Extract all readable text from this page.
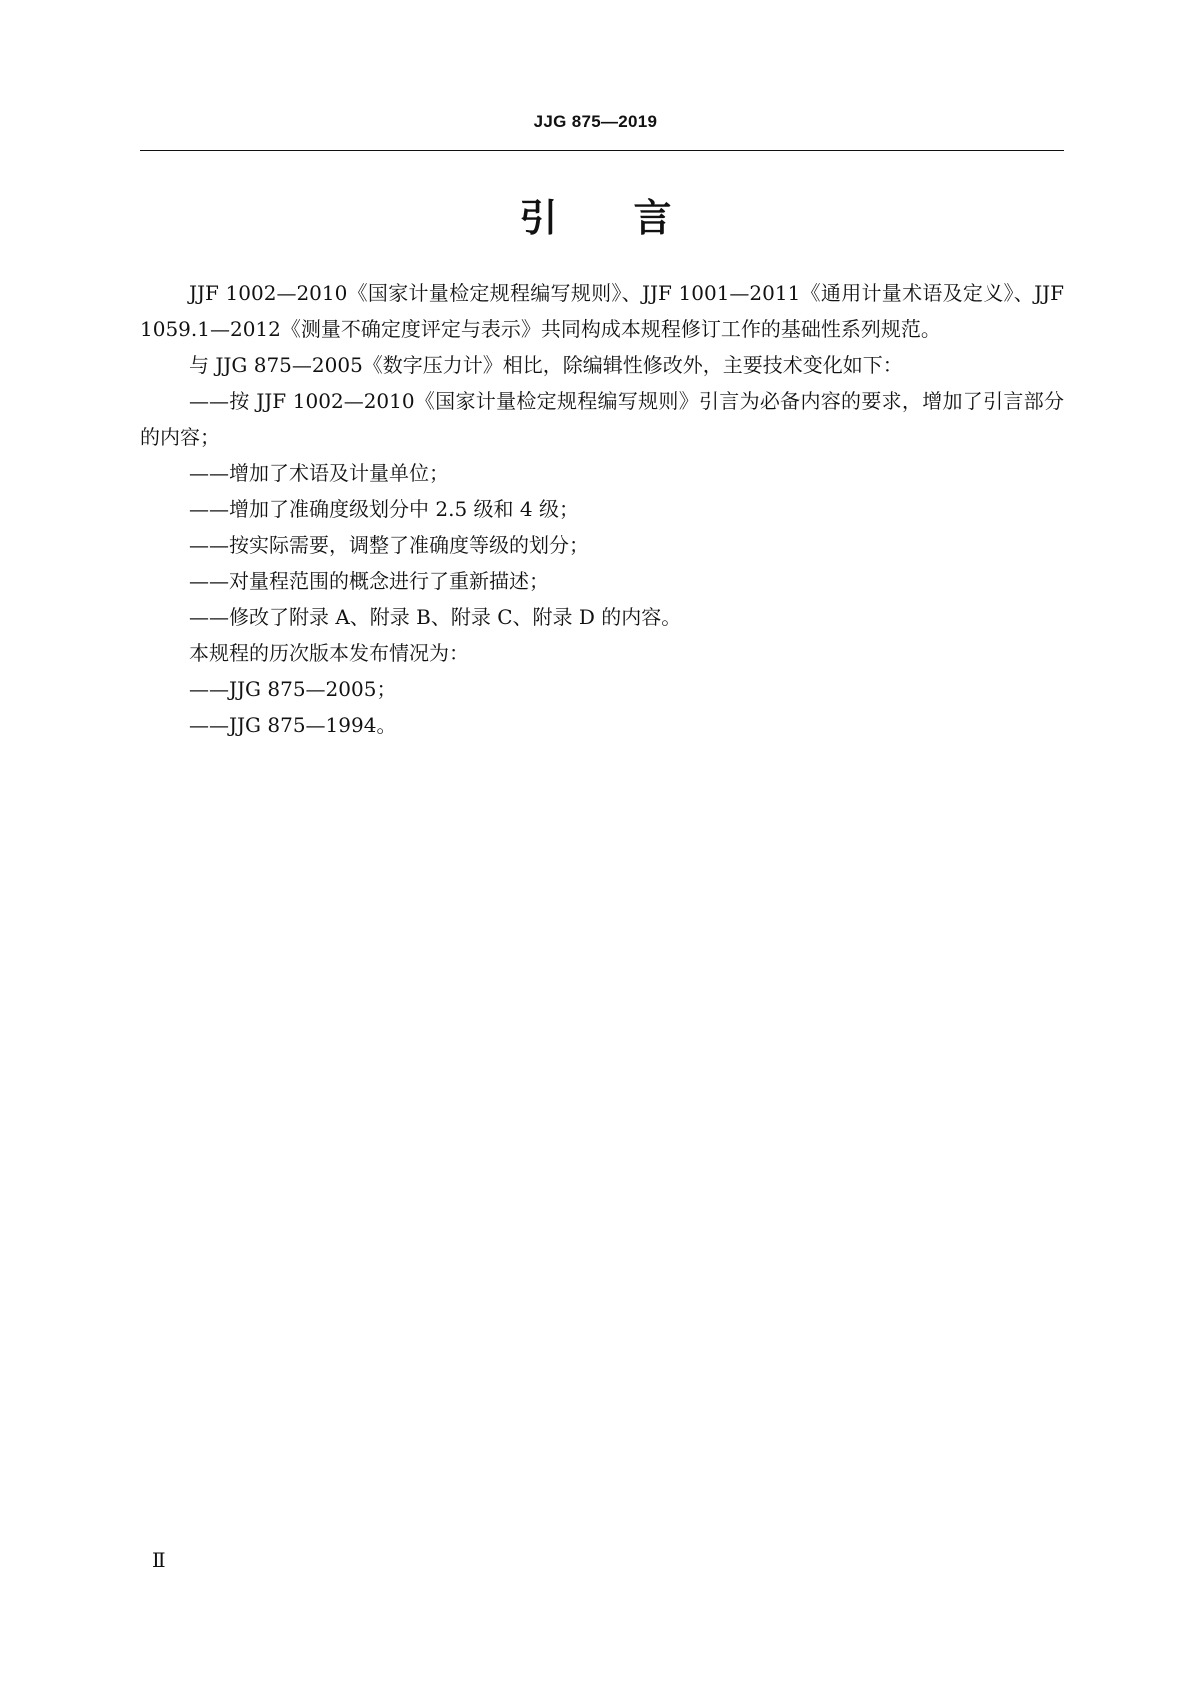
JJG 875—2019
引　　言

JJF 1002—2010《国家计量检定规程编写规则》、JJF 1001—2011《通用计量术语及定义》、JJF 1059.1—2012《测量不确定度评定与表示》共同构成本规程修订工作的基础性系列规范。

与 JJG 875—2005《数字压力计》相比，除编辑性修改外，主要技术变化如下：

——按 JJF 1002—2010《国家计量检定规程编写规则》引言为必备内容的要求，增加了引言部分的内容；

——增加了术语及计量单位；

——增加了准确度级划分中 2.5 级和 4 级；

——按实际需要，调整了准确度等级的划分；

——对量程范围的概念进行了重新描述；

——修改了附录 A、附录 B、附录 C、附录 D 的内容。

本规程的历次版本发布情况为：

——JJG 875—2005；

——JJG 875—1994。

Ⅱ
